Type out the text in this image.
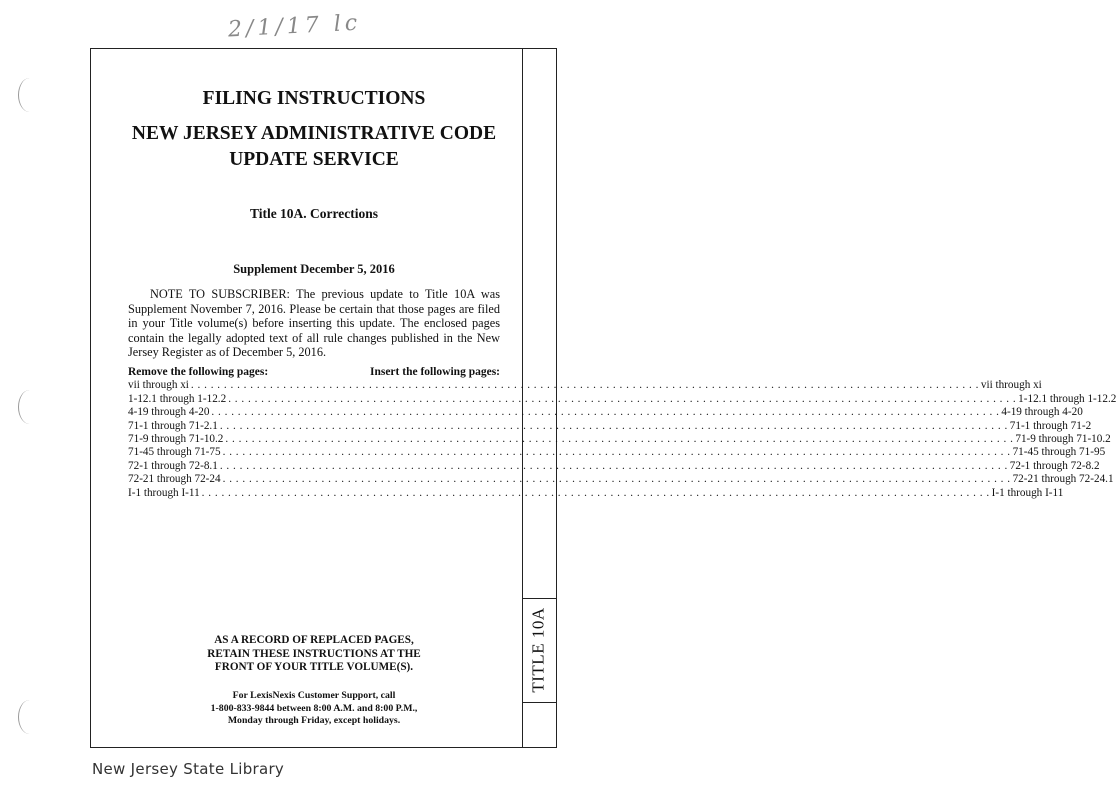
2/1/17 lc
TITLE 10A
FILING INSTRUCTIONS
NEW JERSEY ADMINISTRATIVE CODE
UPDATE SERVICE
Title 10A. Corrections
Supplement December 5, 2016
NOTE TO SUBSCRIBER: The previous update to Title 10A was Supplement November 7, 2016. Please be certain that those pages are filed in your Title volume(s) before inserting this update. The enclosed pages contain the legally adopted text of all rule changes published in the New Jersey Register as of December 5, 2016.
Remove the following pages:	Insert the following pages:
vii through xi . . . . . . . . . . . . . . . . . . . . . . . . . . . . . . . . . . . . . . . . . . . . . . . . . . . . . . . . . . . . . . . . . . . . . . . . . . . . . . . . . . . . . . . . . . . . . . . . . . . . . . . . . . . . . . . . . . . . . . . . vii through xi
1-12.1 through 1-12.2 . . . . . . . . . . . . . . . . . . . . . . . . . . . . . . . . . . . . . . . . . . . . . . . . . . . . . . . . . . . . . . . . . . . . . . . . . . . . . . . . . . . . . . . . . . . . . . . . . . . . . . . . . . . . . . . . . . . . . . . . 1-12.1 through 1-12.2
4-19 through 4-20 . . . . . . . . . . . . . . . . . . . . . . . . . . . . . . . . . . . . . . . . . . . . . . . . . . . . . . . . . . . . . . . . . . . . . . . . . . . . . . . . . . . . . . . . . . . . . . . . . . . . . . . . . . . . . . . . . . . . . . . . 4-19 through 4-20
71-1 through 71-2.1 . . . . . . . . . . . . . . . . . . . . . . . . . . . . . . . . . . . . . . . . . . . . . . . . . . . . . . . . . . . . . . . . . . . . . . . . . . . . . . . . . . . . . . . . . . . . . . . . . . . . . . . . . . . . . . . . . . . . . . . . 71-1 through 71-2
71-9 through 71-10.2 . . . . . . . . . . . . . . . . . . . . . . . . . . . . . . . . . . . . . . . . . . . . . . . . . . . . . . . . . . . . . . . . . . . . . . . . . . . . . . . . . . . . . . . . . . . . . . . . . . . . . . . . . . . . . . . . . . . . . . . . 71-9 through 71-10.2
71-45 through 71-75 . . . . . . . . . . . . . . . . . . . . . . . . . . . . . . . . . . . . . . . . . . . . . . . . . . . . . . . . . . . . . . . . . . . . . . . . . . . . . . . . . . . . . . . . . . . . . . . . . . . . . . . . . . . . . . . . . . . . . . . . 71-45 through 71-95
72-1 through 72-8.1 . . . . . . . . . . . . . . . . . . . . . . . . . . . . . . . . . . . . . . . . . . . . . . . . . . . . . . . . . . . . . . . . . . . . . . . . . . . . . . . . . . . . . . . . . . . . . . . . . . . . . . . . . . . . . . . . . . . . . . . . 72-1 through 72-8.2
72-21 through 72-24 . . . . . . . . . . . . . . . . . . . . . . . . . . . . . . . . . . . . . . . . . . . . . . . . . . . . . . . . . . . . . . . . . . . . . . . . . . . . . . . . . . . . . . . . . . . . . . . . . . . . . . . . . . . . . . . . . . . . . . . . 72-21 through 72-24.1
I-1 through I-11 . . . . . . . . . . . . . . . . . . . . . . . . . . . . . . . . . . . . . . . . . . . . . . . . . . . . . . . . . . . . . . . . . . . . . . . . . . . . . . . . . . . . . . . . . . . . . . . . . . . . . . . . . . . . . . . . . . . . . . . . I-1 through I-11
AS A RECORD OF REPLACED PAGES,
RETAIN THESE INSTRUCTIONS AT THE
FRONT OF YOUR TITLE VOLUME(S).
For LexisNexis Customer Support, call
1-800-833-9844 between 8:00 A.M. and 8:00 P.M.,
Monday through Friday, except holidays.
New Jersey State Library
